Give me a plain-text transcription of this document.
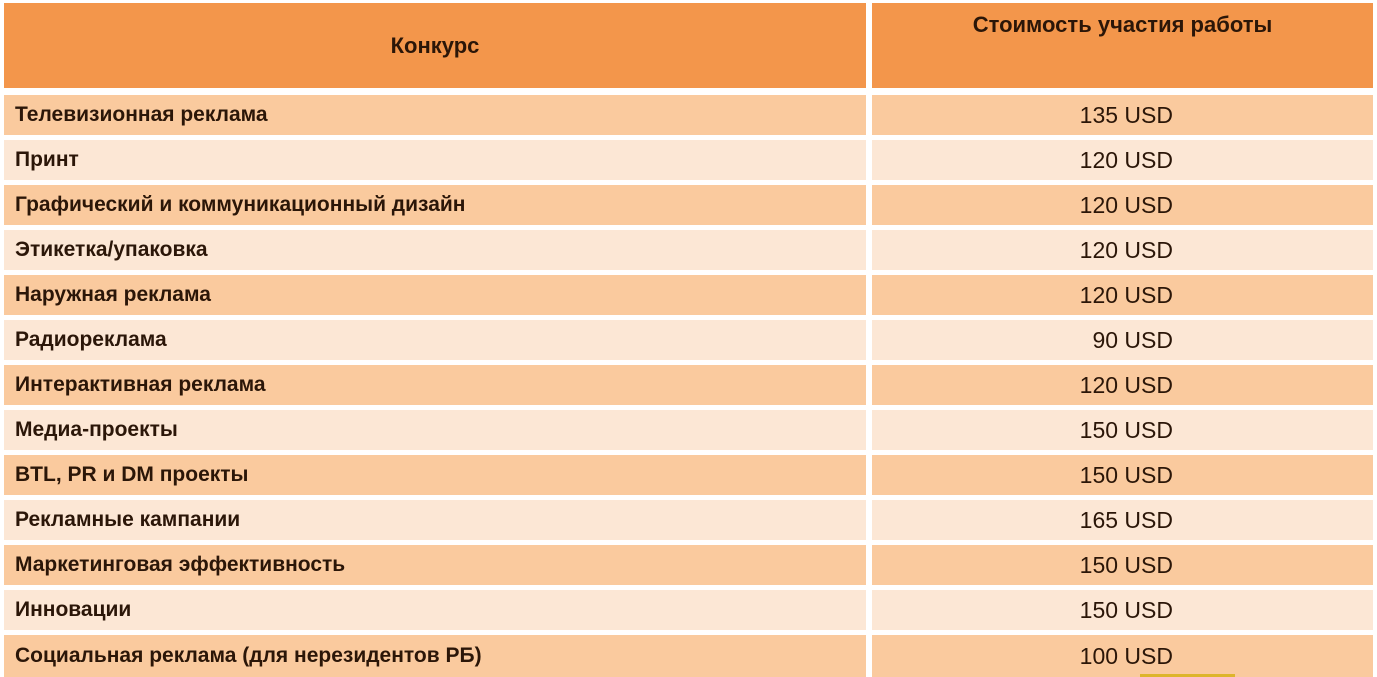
Конкурс
Стоимость участия работы
Телевизионная реклама	135 USD
Принт	120 USD
Графический и коммуникационный дизайн	120 USD
Этикетка/упаковка	120 USD
Наружная реклама	120 USD
Радиореклама	90 USD
Интерактивная реклама	120 USD
Медиа-проекты	150 USD
BTL, PR и DM проекты	150 USD
Рекламные кампании	165 USD
Маркетинговая эффективность	150 USD
Инновации	150 USD
Социальная реклама (для нерезидентов РБ)	100 USD
